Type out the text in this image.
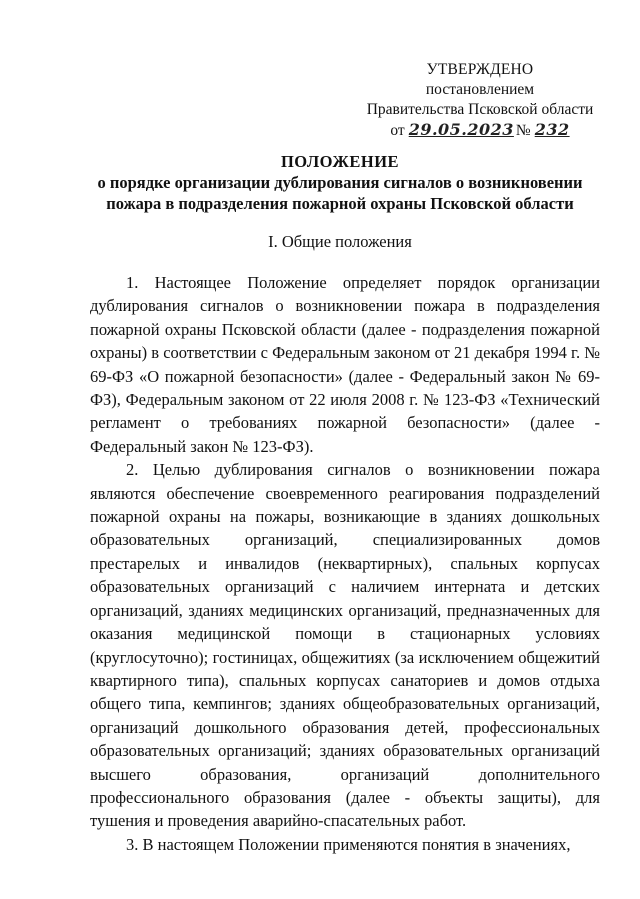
УТВЕРЖДЕНО
постановлением
Правительства Псковской области
от 29.05.2023 № 232
ПОЛОЖЕНИЕ
о порядке организации дублирования сигналов о возникновении
пожара в подразделения пожарной охраны Псковской области
I. Общие положения

1. Настоящее Положение определяет порядок организации дублирования сигналов о возникновении пожара в подразделения пожарной охраны Псковской области (далее - подразделения пожарной охраны) в соответствии с Федеральным законом от 21 декабря 1994 г. № 69-ФЗ «О пожарной безопасности» (далее - Федеральный закон № 69-ФЗ), Федеральным законом от 22 июля 2008 г. № 123-ФЗ «Технический регламент о требованиях пожарной безопасности» (далее - Федеральный закон № 123-ФЗ).

2. Целью дублирования сигналов о возникновении пожара являются обеспечение своевременного реагирования подразделений пожарной охраны на пожары, возникающие в зданиях дошкольных образовательных организаций, специализированных домов престарелых и инвалидов (неквартирных), спальных корпусах образовательных организаций с наличием интерната и детских организаций, зданиях медицинских организаций, предназначенных для оказания медицинской помощи в стационарных условиях (круглосуточно); гостиницах, общежитиях (за исключением общежитий квартирного типа), спальных корпусах санаториев и домов отдыха общего типа, кемпингов; зданиях общеобразовательных организаций, организаций дошкольного образования детей, профессиональных образовательных организаций; зданиях образовательных организаций высшего образования, организаций дополнительного профессионального образования (далее - объекты защиты), для тушения и проведения аварийно-спасательных работ.

3. В настоящем Положении применяются понятия в значениях,
